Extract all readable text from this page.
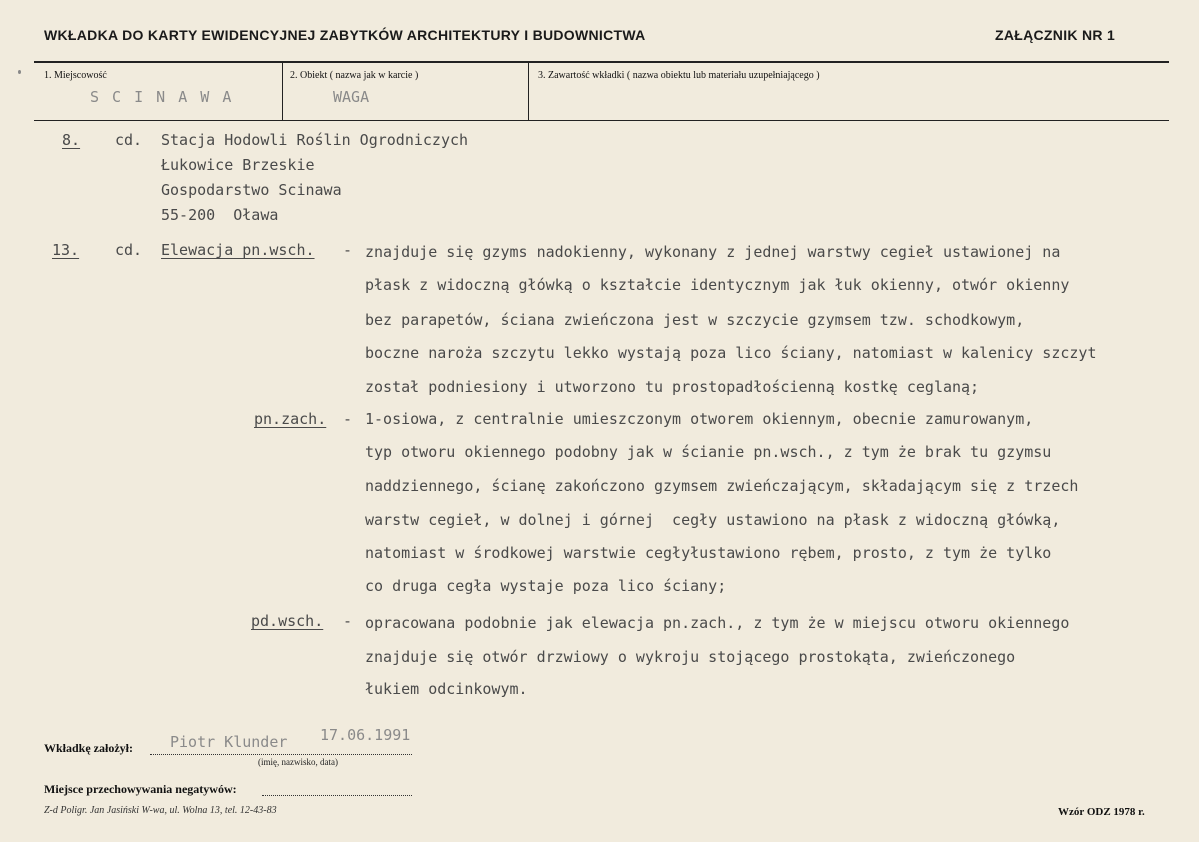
WKŁADKA DO KARTY EWIDENCYJNEJ ZABYTKÓW ARCHITEKTURY I BUDOWNICTWA	ZAŁĄCZNIK NR 1
1. Miejscowość
S C I N A W A
2. Obiekt ( nazwa jak w karcie )
WAGA
3. Zawartość wkładki ( nazwa obiektu lub materiału uzupełniającego )
8. cd. Stacja Hodowli Roślin Ogrodniczych
Łukowice Brzeskie
Gospodarstwo Scinawa
55-200  Oława
13. cd. Elewacja pn.wsch. - znajduje się gzyms nadokienny, wykonany z jednej warstwy cegieł ustawionej na
płask z widoczną główką o kształcie identycznym jak łuk okienny, otwór okienny
bez parapetów, ściana zwieńczona jest w szczycie gzymsem tzw. schodkowym,
boczne naroża szczytu lekko wystają poza lico ściany, natomiast w kalenicy szczyt
został podniesiony i utworzono tu prostopadłościenną kostkę ceglaną;
pn.zach. - 1-osiowa, z centralnie umieszczonym otworem okiennym, obecnie zamurowanym,
typ otworu okiennego podobny jak w ścianie pn.wsch., z tym że brak tu gzymsu
naddziennego, ścianę zakończono gzymsem zwieńczającym, składającym się z trzech
warstw cegieł, w dolnej i górnej  cegły ustawiono na płask z widoczną główką,
natomiast w środkowej warstwie cegłyłustawiono rębem, prosto, z tym że tylko
co druga cegła wystaje poza lico ściany;
pd.wsch. - opracowana podobnie jak elewacja pn.zach., z tym że w miejscu otworu okiennego
znajduje się otwór drzwiowy o wykroju stojącego prostokąta, zwieńczonego
łukiem odcinkowym.
Wkładkę założył: Piotr Klunder 17.06.1991
(imię, nazwisko, data)
Miejsce przechowywania negatywów:
Z-d Poligr. Jan Jasiński W-wa, ul. Wolna 13, tel. 12-43-83	Wzór ODZ 1978 r.
